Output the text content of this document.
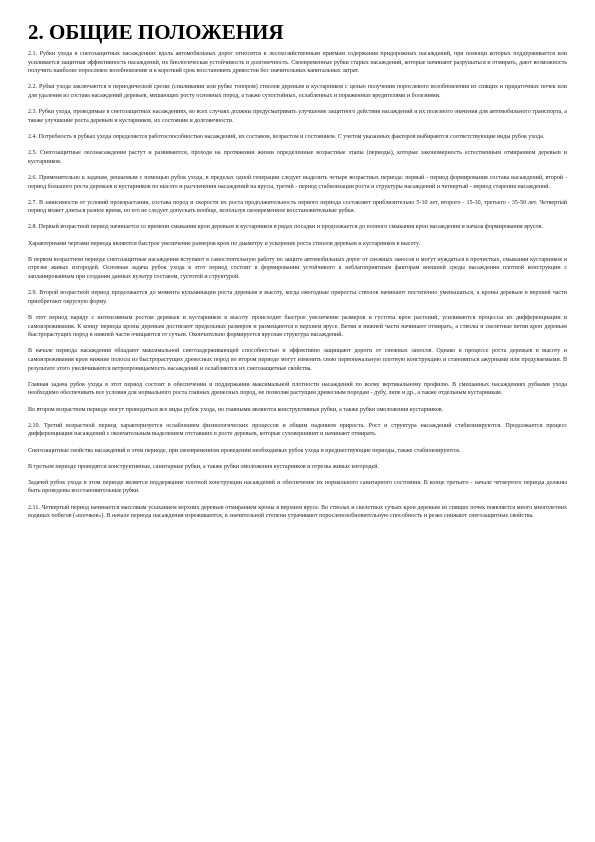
2. ОБЩИЕ ПОЛОЖЕНИЯ

2.1. Рубки ухода в снегозащитных насаждениях вдоль автомобильных дорог относятся к лесохозяйственным приемам содержания придорожных насаждений, при помощи которых поддерживается или усиливается защитная эффективность насаждений, их биологическая устойчивость и долговечность. Своевременные рубки старых насаждений, которые начинают разрушаться и отмирать, дают возможность получить наиболее порослевое возобновление и в короткий срок восстановить древостои без значительных капитальных затрат.

2.2. Рубки ухода заключаются в периодической срезке (спиливании или рубке топором) стволов деревьев и кустарников с целью получения порослевого возобновления из спящих и придаточных почек или для удаления из состава насаждений деревьев, мешающих росту основных пород, а также сухостойных, ослабленных и пораженных вредителями и болезнями.

2.3. Рубки ухода, проводимые в снегозащитных насаждениях, во всех случаях должны предусматривать улучшение защитного действия насаждений и их полезного значения для автомобильного транспорта, а также улучшение роста деревьев и кустарников, их состояния и долговечности.

2.4. Потребность в рубках ухода определяется работоспособностью насаждений, их составом, возрастом и состоянием. С учетом указанных факторов выбираются соответствующие виды рубок ухода.

2.5. Снегозащитные лесонасаждения растут и развиваются, проходя на протяжении жизни определенные возрастные этапы (периоды), которые закономерность естественным отмиранием деревьев и кустарников.

2.6. Применительно к задачам, решаемым с помощью рубок ухода, в пределах одной генерации следует выделить четыре возрастных периода: первый - период формирования состава насаждений, второй - период большого роста деревьев и кустарников по высоте и расчленения насаждений на ярусы, третий - период стабилизации роста и структуры насаждений и четвертый - период старения насаждений.

2.7. В зависимости от условий произрастания, состава пород и скорости их роста продолжительность первого периода составляет приблизительно 5-10 лет, второго - 15-30, третьего - 35-50 лет. Четвертый период может длиться разное время, но его не следует допускать вообще, используя своевременное восстановительные рубки.

2.8. Первый возрастной период начинается со времени смыкания крон деревьев и кустарников в рядах посадки и продолжается до полного смыкания крон насаждения и начала формирования ярусов.

Характерными чертами периода являются быстрое увеличение размеров крон по диаметру и ускорение роста стволов деревьев и кустарников в высоту.

В первом возрастном периоде снегозащитные насаждения вступают в самостоятельную работу по защите автомобильных дорог от снежных заносов и могут нуждаться в прочистках, смыкании кустарников и отрезке живых изгородей. Основная задача рубок ухода в этот период состоит в формировании устойчивого к неблагоприятным факторам внешней среды насаждения плотной конструкции с запланированным при создании данных культур составом, густотой и структурой.

2.9. Второй возрастной период продолжается до момента кульминации роста деревьев в высоту, когда ежегодные приросты стволов начинают постепенно уменьшаться, а кроны деревьев в верхней части приобретают округлую форму.

В этот период наряду с интенсивным ростом деревьев и кустарников в высоту происходит быстрое увеличение размеров и густоты крон растений, усиливаются процессы их дифференциации и самоизреживания. К концу периода кроны деревьев достигают предельных размеров и размещаются в верхнем ярусе. Ветви в нижней части начинают отмирать, а стволы и скелетные ветви крон деревьев быстрорастущих пород в нижней части очищаются от сучьев. Окончательно формируется ярусная структура насаждений.

В начале периода насаждения обладают максимальной снегозадерживающей способностью и эффективно защищают дороги от снежных заносов. Однако в процессе роста деревьев в высоту и самоизреживания крон нижние полосы из быстрорастущих древесных пород во втором периоде могут изменить свою первоначальную плотную конструкцию и становиться ажурными или продуваемыми. В результате этого увеличиваются ветропроницаемость насаждений и ослабляются их снегозащитные свойства.

Главная задача рубок ухода в этот период состоит в обеспечении и поддержании максимальной плотности насаждений по всему вертикальному профилю. В смешанных насаждениях рубками ухода необходимо обеспечивать все условия для нормального роста главных древесных пород, не позволяя растущим древесным породам - дубу, липе и др., а также отдельным кустарникам.

Во втором возрастном периоде могут проводиться все виды рубок ухода, но главными являются конструктивные рубки, а также рубки омоложения кустарников.

2.10. Третий возрастной период характеризуется ослаблением физиологических процессов и общим падением прироста. Рост и структура насаждений стабилизируются. Продолжается процесс дифференциации насаждений с окончательным выделением отставших в росте деревьев, которые суховершинят и начинают отмирать.

Снегозащитные свойства насаждений в этом периоде, при своевременном проведении необходимых рубок ухода в предшествующие периоды, также стабилизируются.

В третьем периоде проводятся конструктивные, санитарные рубки, а также рубки омоложения кустарников и отрезка живых изгородей.

Задачей рубок ухода в этом периоде является поддержание плотной конструкции насаждений и обеспечение их нормального санитарного состояния. В конце третьего - начале четвертого периода должны быть проведены восстановительные рубки.

2.11. Четвертый период начинается массовым усыханием верхних деревьев отмиранием кроны в верхнем ярусе. Во стволах и скелетных сучьях крон деревьев из спящих почек появляется много многолетних водяных побегов («волчков»). В начале периода насаждения изреживаются, в значительной степени утрачивают порослевозобновительную способность и резко снижают снегозащитные свойства.
